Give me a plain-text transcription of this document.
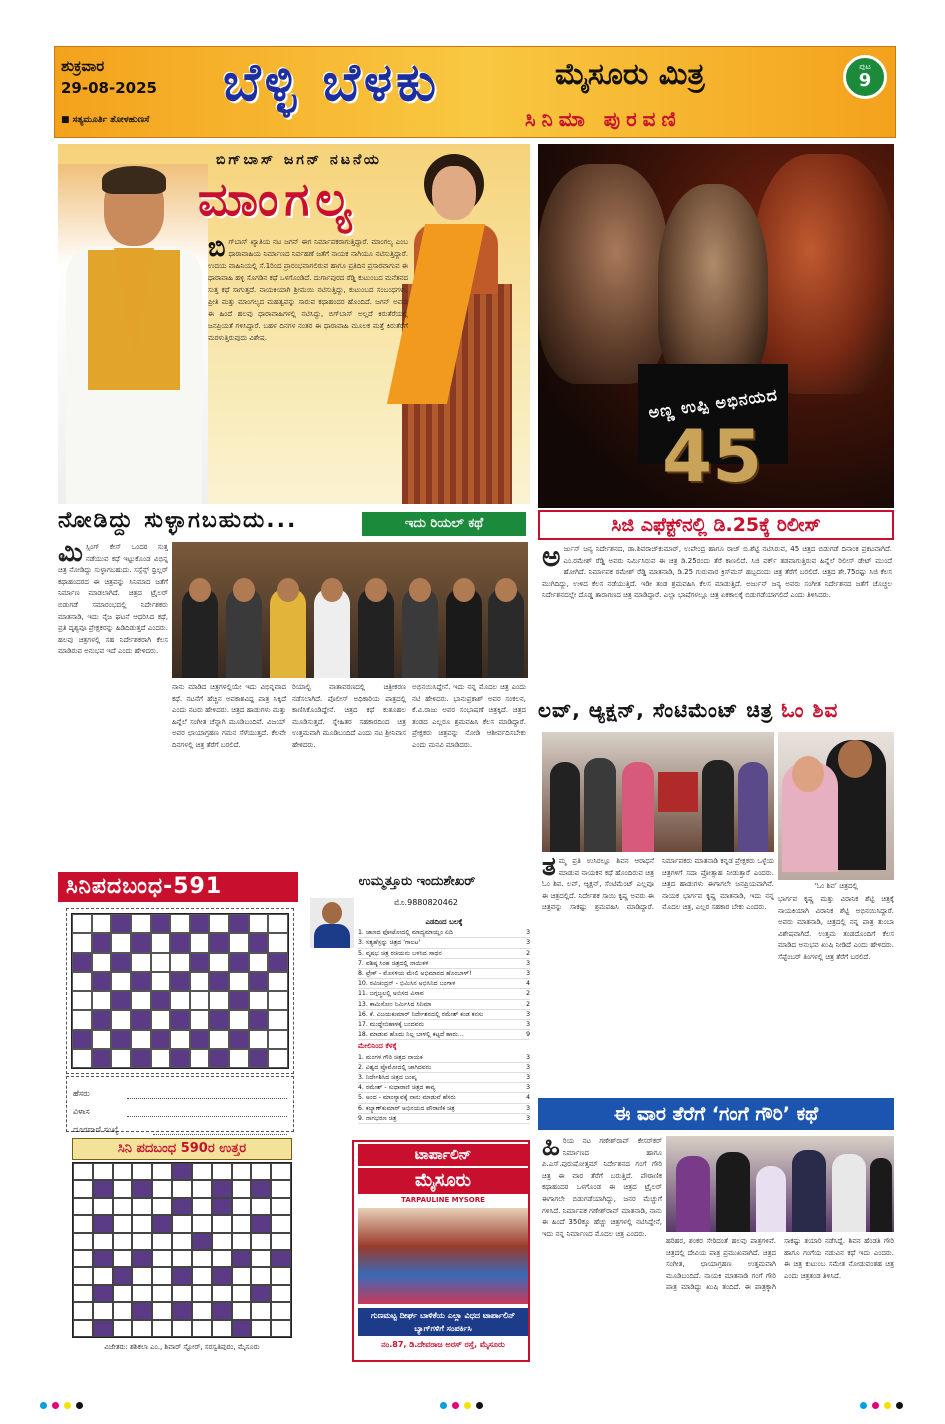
ಶುಕ್ರವಾರ
29-08-2025
■ ಸತ್ಯಮೂರ್ತಿ ತೋಳಹುಣಸೆ
ಬೆಳ್ಳಿ ಬೆಳಕು	ಮೈಸೂರು ಮಿತ್ರ
ಸಿನಿಮಾ ಪುರವಣಿ
ಪುಟ
9
ಬಿಗ್‌ಬಾಸ್ ಜಗನ್ ನಟನೆಯ
ಮಾಂಗಲ್ಯ
ಬಿಗ್‌ಬಾಸ್ ಖ್ಯಾತಿಯ ನಟ ಜಗನ್ ಈಗ ನಿರ್ಮಾಪಕರಾಗುತ್ತಿದ್ದಾರೆ. ಮಾಂಗಲ್ಯ ಎಂಬ ಧಾರಾವಾಹಿಯ ನಿರ್ಮಾಣದ ನಿರ್ವಹಣೆ ಜತೆಗೆ ನಾಯಕ ನಾಗಿಯೂ ನಟಿಸುತ್ತಿದ್ದಾರೆ. ಉದಯ ವಾಹಿನಿಯಲ್ಲಿ ಸೆ.1ರಿಂದ ಪ್ರಾರಂಭವಾಗಲಿರುವ ಹಾಗೂ ಪ್ರತಿದಿನ ಪ್ರಸಾರವಾಗುವ ಈ ಧಾರಾವಾಹಿ ಹಳ್ಳಿ ಸೊಗಡಿನ ಕಥೆ ಒಳಗೊಂಡಿದೆ. ದುರ್ಗಾಪುರದ ರೆಡ್ಡಿ ಕುಟುಂಬದ ಮನೆತನದ ಸುತ್ತ ಕಥೆ ಸಾಗುತ್ತದೆ. ನಾಯಕಿಯಾಗಿ ಶ್ರೀಮಯಿ ನಟಿಸುತ್ತಿದ್ದು, ಕುಟುಂಬದ ಸಂಬಂಧಗಳು, ಪ್ರೀತಿ ಮತ್ತು ಮಾಂಗಲ್ಯದ ಮಹತ್ವವನ್ನು ಸಾರುವ ಕಥಾಹಂದರ ಹೊಂದಿದೆ. ಜಗನ್ ಅವರು ಈ ಹಿಂದೆ ಹಲವು ಧಾರಾವಾಹಿಗಳಲ್ಲಿ ನಟಿಸಿದ್ದು, ಬಿಗ್‌ಬಾಸ್ ಅಲ್ಲದೆ ಕಿರುತೆರೆಯಲ್ಲಿ ಜನಪ್ರಿಯತೆ ಗಳಿಸಿದ್ದಾರೆ. ಬಹಳ ದಿನಗಳ ನಂತರ ಈ ಧಾರಾವಾಹಿ ಮೂಲಕ ಮತ್ತೆ ಕಿರುತೆರೆಗೆ ಮರಳುತ್ತಿರುವುದು ವಿಶೇಷ.
ಅಣ್ಣ ಉಪ್ಪಿ ಅಭಿನಯದ
45
ಸಿಜಿ ಎಫೆಕ್ಟ್‌ನಲ್ಲಿ ಡಿ.25ಕ್ಕೆ ರಿಲೀಸ್
ಅರ್ಜುನ್ ಜನ್ಯ ನಿರ್ದೇಶನದ, ಡಾ.ಶಿವರಾಜ್‌ಕುಮಾರ್, ಉಪೇಂದ್ರ ಹಾಗೂ ರಾಜ್ ಬಿ.ಶೆಟ್ಟಿ ನಟಿಸಿರುವ, 45 ಚಿತ್ರದ ಬಿಡುಗಡೆ ದಿನಾಂಕ ಪ್ರಕಟವಾಗಿದೆ. ಎಂ.ರಮೇಶ್ ರೆಡ್ಡಿ ಅವರು ನಿರ್ಮಿಸಿರುವ ಈ ಚಿತ್ರ ಡಿ.25ರಂದು ತೆರೆ ಕಾಣಲಿದೆ. ಸಿಜಿ ವರ್ಕ್ ತಡವಾಗುತ್ತಿರುವ ಹಿನ್ನೆಲೆ ರಿಲೀಸ್ ಡೇಟ್ ಮುಂದೆ ಹೋಗಿದೆ. ನಿರ್ಮಾಪಕ ರಮೇಶ್ ರೆಡ್ಡಿ ಮಾತನಾಡಿ, ಡಿ.25 ಗುರುವಾರ ಕ್ರಿಸ್‌ಮಸ್ ಹಬ್ಬದಂದು ಚಿತ್ರ ತೆರೆಗೆ ಬರಲಿದೆ. ಚಿತ್ರದ ಶೇ.75ರಷ್ಟು ಸಿಜಿ ಕೆಲಸ ಮುಗಿದಿದ್ದು, ಉಳಿದ ಕೆಲಸ ನಡೆಯುತ್ತಿದೆ. ಇಡೀ ತಂಡ ಶ್ರಮವಹಿಸಿ ಕೆಲಸ ಮಾಡುತ್ತಿದೆ. ಅರ್ಜುನ್ ಜನ್ಯ ಅವರು ಸಂಗೀತ ನಿರ್ದೇಶನದ ಜತೆಗೆ ಚೊಚ್ಚಲ ನಿರ್ದೇಶನದಲ್ಲೇ ದೊಡ್ಡ ತಾರಾಗಣದ ಚಿತ್ರ ಮಾಡಿದ್ದಾರೆ. ಎಲ್ಲಾ ಭಾಷೆಗಳಲ್ಲೂ ಚಿತ್ರ ಏಕಕಾಲಕ್ಕೆ ಬಿಡುಗಡೆಯಾಗಲಿದೆ ಎಂದು ತಿಳಿಸಿದರು.
ನೋಡಿದ್ದು ಸುಳ್ಳಾಗಬಹುದು...	ಇದು ರಿಯಲ್ ಕಥೆ
ಮಿಸ್ಸಿಂಗ್ ಕೇಸ್ ಒಂದರ ಸುತ್ತ ನಡೆಯುವ ಕಥೆ ಇಟ್ಟುಕೊಂಡ ವಿಭಿನ್ನ ಚಿತ್ರ ನೋಡಿದ್ದು ಸುಳ್ಳಾಗಬಹುದು. ಸಸ್ಪೆನ್ಸ್ ಥ್ರಿಲ್ಲರ್ ಕಥಾಹಂದರದ ಈ ಚಿತ್ರವನ್ನು ಸಿನಿಮಾದ ಜತೆಗೆ ನಿರ್ಮಾಣ ಮಾಡಲಾಗಿದೆ. ಚಿತ್ರದ ಟ್ರೈಲರ್ ಬಿಡುಗಡೆ ಸಮಾರಂಭದಲ್ಲಿ ನಿರ್ದೇಶಕರು ಮಾತನಾಡಿ, ಇದು ನೈಜ ಘಟನೆ ಆಧರಿಸಿದ ಕಥೆ, ಪ್ರತಿ ದೃಶ್ಯವೂ ಪ್ರೇಕ್ಷಕರನ್ನು ಹಿಡಿದಿಡುತ್ತದೆ ಎಂದರು. ಹಲವು ಚಿತ್ರಗಳಲ್ಲಿ ಸಹ ನಿರ್ದೇಶಕರಾಗಿ ಕೆಲಸ ಮಾಡಿರುವ ಅನುಭವ ಇದೆ ಎಂದು ಹೇಳಿದರು.
ನಾನು ಮಾಡಿದ ಚಿತ್ರಗಳಲ್ಲಿಯೇ ಇದು ವಿಭಿನ್ನವಾದ ಕಥೆ. ನಟನೆಗೆ ಹೆಚ್ಚಿನ ಅವಕಾಶವಿದ್ದ ಪಾತ್ರ ಸಿಕ್ಕಿದೆ ಎಂದು ನಟರು ಹೇಳಿದರು. ಚಿತ್ರದ ಹಾಡುಗಳು ಮತ್ತು ಹಿನ್ನೆಲೆ ಸಂಗೀತ ಚೆನ್ನಾಗಿ ಮೂಡಿಬಂದಿವೆ. ವಿಜಯ್ ಅವರ ಛಾಯಾಗ್ರಹಣ ಗಮನ ಸೆಳೆಯುತ್ತದೆ. ಕೆಲವೇ ದಿನಗಳಲ್ಲಿ ಚಿತ್ರ ತೆರೆಗೆ ಬರಲಿದೆ.
ರಿಯಾಲ್ಟಿ ವಾತಾವರಣದಲ್ಲಿ ಚಿತ್ರೀಕರಣ ನಡೆಸಲಾಗಿದೆ. ಪೊಲೀಸ್ ಅಧಿಕಾರಿಯ ಪಾತ್ರದಲ್ಲಿ ಕಾಣಿಸಿಕೊಂಡಿದ್ದೇನೆ. ಚಿತ್ರದ ಕಥೆ ಕುತೂಹಲ ಮೂಡಿಸುತ್ತದೆ. ಸ್ನೇಹಿತರ ಸಹಕಾರದಿಂದ ಚಿತ್ರ ಉತ್ತಮವಾಗಿ ಮೂಡಿಬಂದಿದೆ ಎಂದು ನಟ ಶ್ರೀನಿವಾಸ ಹೇಳಿದರು.
ಅಭಿನಯಿಸಿದ್ದೇನೆ. ಇದು ನನ್ನ ಮೊದಲ ಚಿತ್ರ ಎಂದು ನಟಿ ಹೇಳಿದರು. ಭಾನುಪ್ರಕಾಶ್ ಅವರ ಸಂಕಲನ, ಕೆ.ವಿ.ರಾಜು ಅವರ ಸಂಭಾಷಣೆ ಚಿತ್ರಕ್ಕಿದೆ. ಚಿತ್ರದ ತಂಡದ ಎಲ್ಲರೂ ಶ್ರಮವಹಿಸಿ ಕೆಲಸ ಮಾಡಿದ್ದಾರೆ. ಪ್ರೇಕ್ಷಕರು ಚಿತ್ರವನ್ನು ನೋಡಿ ಆಶೀರ್ವದಿಸಬೇಕು ಎಂದು ಮನವಿ ಮಾಡಿದರು.
ಲವ್, ಆ್ಯಕ್ಷನ್, ಸೆಂಟಿಮೆಂಟ್ ಚಿತ್ರ ಓಂ ಶಿವ
‘ಓಂ ಶಿವ’ ಚಿತ್ರದಲ್ಲಿ
ತಮ್ಮ ಪ್ರತಿ ಉಸಿರಲ್ಲೂ ಶಿವನ ಆರಾಧನೆ ಮಾಡುವ ನಾಯಕನ ಕಥೆ ಹೊಂದಿರುವ ಚಿತ್ರ ಓಂ ಶಿವ. ಲವ್, ಆ್ಯಕ್ಷನ್, ಸೆಂಟಿಮೆಂಟ್ ಎಲ್ಲವೂ ಈ ಚಿತ್ರದಲ್ಲಿದೆ. ನಿರ್ದೇಶಕ ಸಾಯಿ ಕೃಷ್ಣ ಅವರು ಈ ಚಿತ್ರವನ್ನು ಸಾಕಷ್ಟು ಶ್ರಮವಹಿಸಿ ಮಾಡಿದ್ದಾರೆ. ನಿರ್ಮಾಪಕರು ಮಾತನಾಡಿ ಕನ್ನಡ ಪ್ರೇಕ್ಷಕರು ಒಳ್ಳೆಯ ಚಿತ್ರಗಳಿಗೆ ಸದಾ ಪ್ರೋತ್ಸಾಹ ನೀಡುತ್ತಾರೆ ಎಂದರು. ಚಿತ್ರದ ಹಾಡುಗಳು ಈಗಾಗಲೇ ಜನಪ್ರಿಯವಾಗಿವೆ. ನಾಯಕ ಭಾರ್ಗವ ಕೃಷ್ಣ ಮಾತನಾಡಿ, ಇದು ನನ್ನ ಮೊದಲ ಚಿತ್ರ, ಎಲ್ಲರ ಸಹಕಾರ ಬೇಕು ಎಂದರು.
ಭಾರ್ಗವ ಕೃಷ್ಣ ಮತ್ತು ವಿರಾನಿಕ ಶೆಟ್ಟಿ ಚಿತ್ರಕ್ಕೆ ನಾಯಕಿಯಾಗಿ ವಿರಾನಿಕ ಶೆಟ್ಟಿ ಅಭಿನಯಿಸಿದ್ದಾರೆ. ಅವರು ಮಾತನಾಡಿ, ಚಿತ್ರದಲ್ಲಿ ನನ್ನ ಪಾತ್ರ ತುಂಬಾ ವಿಶೇಷವಾಗಿದೆ. ಉತ್ತಮ ತಂಡದೊಂದಿಗೆ ಕೆಲಸ ಮಾಡಿದ ಅನುಭವ ಖುಷಿ ನೀಡಿದೆ ಎಂದು ಹೇಳಿದರು. ಸೆಪ್ಟೆಂಬರ್ ತಿಂಗಳಲ್ಲಿ ಚಿತ್ರ ತೆರೆಗೆ ಬರಲಿದೆ.
ಸಿನಿಪದಬಂಧ-591	ಉಮ್ಮತ್ತೂರು ಇಂದುಶೇಖರ್
ಮೊ.9880820462
ಹೆಸರು
ವಿಳಾಸ
ದೂರವಾಣಿ ಸಂಖ್ಯೆ
ಎಡದಿಂದ ಬಲಕ್ಕೆ
1. ಜಾಣದ ಫೋಟೋದಲ್ಲಿ ಮಾದ್ಯಮಾಯ್ಲಂ ಏದಿ	3
3. ಸತ್ಯಹೆಸ್ರನ್ನು ಚಿತ್ರದ 'ಗಾಲಟ'	3
5. ವೃಷಭ ಚಿತ್ರ ರಚಿಯನು ಬಳಸಿದ ಸಾಧನ	2
7. ವಶಿಷ್ಠ ಸಿಂಹ ಚಿತ್ರದಲ್ಲಿ ನಾಯಿಕಳ	3
8. ಐ್ರೇಕ್ - ಮೊಸಳಿಯ ಮೇಲಿ ಅಭಿಮಾನದ ಹೊಂಬಾಳ್!	3
10. ರವಿಚಂದ್ರನ್ - ಭಿಮಿಸಿನ ಅಭಿಸಿನಿದ ಬಂಗಾಳ	4
11. ಜಗ್ಗಜ್ಜಲಲ್ಲಿ ಅಬಿಸದ ವಿಸಾವ	2
13. ಕಾಮಿಸೋಂ ನಿರ್ಮಿಸಿದ ಸಿನಿಮಾ	2
16. ಕೆ. ವಿಜಯಕುಮಾರ್ ನಿರ್ದೇಶನದಲ್ಲಿ ರಮೇಶ್ ಕಂಡ ಕನಸು	3
17. ಮುದ್ದೇಬಿಹಾಳಕ್ಕೆ ಬಂದವನು	3
18. ಮಾಡುವ ಹೊದು ನಿಲ್ಲ ಬಾಳಲ್ಲಿ ಕಟ್ಟದೆ ಹಾರು...	9
ಮೇಲಿನಿಂದ ಕೆಳಕ್ಕೆ
1. ಮಂಗಳ ಗೌರಿ ಚಿತ್ರದ ನಾಯಕ	3
2. ವಿಶ್ವದ ಪ್ರೊಮೋದಲ್ಲಿ ಜಾಗಿದವನು	3
3. ನಿರ್ದೇಶಿಸಿದ ಚಿತ್ರದ ಜಂಪ್ಕ	3
4. ರಮೇಶ್ - ಸುಧಾರಾಣಿ ಚಿತ್ರದ ಕಾವ್ಯ	3
5. ಅಂದ - ಮಾಂಸ್ಯಾವಕ್ಕೆ ನಾನು ಮಾಡುವೆ ಹೆಸರು	4
6. ಕಲ್ಯಾಣ್‌ಕುಮಾರ್ ಅಭಿನಯದ ಪೌರಾಣಿಕ ಚಿತ್ರ	3
9. ನಾಗಭರಣ ಚಿತ್ರ	3
ಸಿನಿ ಪದಬಂಧ 590ರ ಉತ್ತರ
ವಿಜೇತರು: ಶಶಿಕಲಾ ಎಂ., ಶಿವಾರ್ ಸ್ಟೋರ್, ಸರಸ್ವತಿಪುರಂ, ಮೈಸೂರು
ಟಾರ್ಪಾಲಿನ್
ಮೈಸೂರು
TARPAULINE MYSORE
ಗುಣಮಟ್ಟ ದೀರ್ಘ ಬಾಳಿಕೆಯ ಎಲ್ಲಾ ವಿಧದ ಟಾರ್ಪಾಲಿನ್ ಬ್ಯಾಗ್‌ಗಳಿಗೆ ಸಂಪರ್ಕಿಸಿ
ನಂ.87, ಡಿ.ದೇವರಾಜ ಅರಸ್ ರಸ್ತೆ, ಮೈಸೂರು
ಈ ವಾರ ತೆರೆಗೆ ‘ಗಂಗೆ ಗೌರಿ’ ಕಥೆ
ಹಿರಿಯ ನಟ ಗಣೇಶ್‌ರಾವ್ ಕೇಸರ್‌ಕರ್ ನಿರ್ಮಾಣದ ಹಾಗೂ ಪಿ.ಎಸ್.ಪುರುಷೋತ್ತಮ್ ನಿರ್ದೇಶನದ ಗಂಗೆ ಗೌರಿ ಚಿತ್ರ ಈ ವಾರ ತೆರೆಗೆ ಬರುತ್ತಿದೆ. ಪೌರಾಣಿಕ ಕಥಾಹಂದರ ಒಳಗೊಂಡ ಈ ಚಿತ್ರದ ಟ್ರೈಲರ್ ಈಗಾಗಲೇ ಬಿಡುಗಡೆಯಾಗಿದ್ದು, ಜನರ ಮೆಚ್ಚುಗೆ ಗಳಿಸಿದೆ. ನಿರ್ಮಾಪಕ ಗಣೇಶ್‌ರಾವ್ ಮಾತನಾಡಿ, ನಾನು ಈ ಹಿಂದೆ 350ಕ್ಕೂ ಹೆಚ್ಚು ಚಿತ್ರಗಳಲ್ಲಿ ನಟಿಸಿದ್ದೇನೆ, ಇದು ನನ್ನ ನಿರ್ಮಾಣದ ಮೊದಲ ಚಿತ್ರ ಎಂದರು.
ಹರಿಹರ, ಶಂಕರ ಸೇರಿದಂತೆ ಹಲವು ಪಾತ್ರಗಳಿವೆ. ಚಿತ್ರದಲ್ಲಿ ದೇವಿಯ ಪಾತ್ರ ಪ್ರಮುಖವಾಗಿದೆ. ಚಿತ್ರದ ಸಂಗೀತ, ಛಾಯಾಗ್ರಹಣ ಉತ್ತಮವಾಗಿ ಮೂಡಿಬಂದಿದೆ. ನಾಯಕಿ ಮಾತನಾಡಿ ಗಂಗೆ ಗೌರಿ ಪಾತ್ರ ಮಾಡಿದ್ದು ಖುಷಿ ತಂದಿದೆ. ಈ ಪಾತ್ರಕ್ಕಾಗಿ ಸಾಕಷ್ಟು ತಯಾರಿ ನಡೆಸಿದ್ದೆ. ಶಿವನ ಹೆಂಡತಿ ಗೌರಿ ಹಾಗೂ ಗಂಗೆಯ ನಡುವಿನ ಕಥೆ ಇದು ಎಂದರು. ಈ ಚಿತ್ರ ಕುಟುಂಬ ಸಮೇತ ನೋಡುವಂತಹ ಚಿತ್ರ ಎಂದು ಚಿತ್ರತಂಡ ತಿಳಿಸಿದೆ.
